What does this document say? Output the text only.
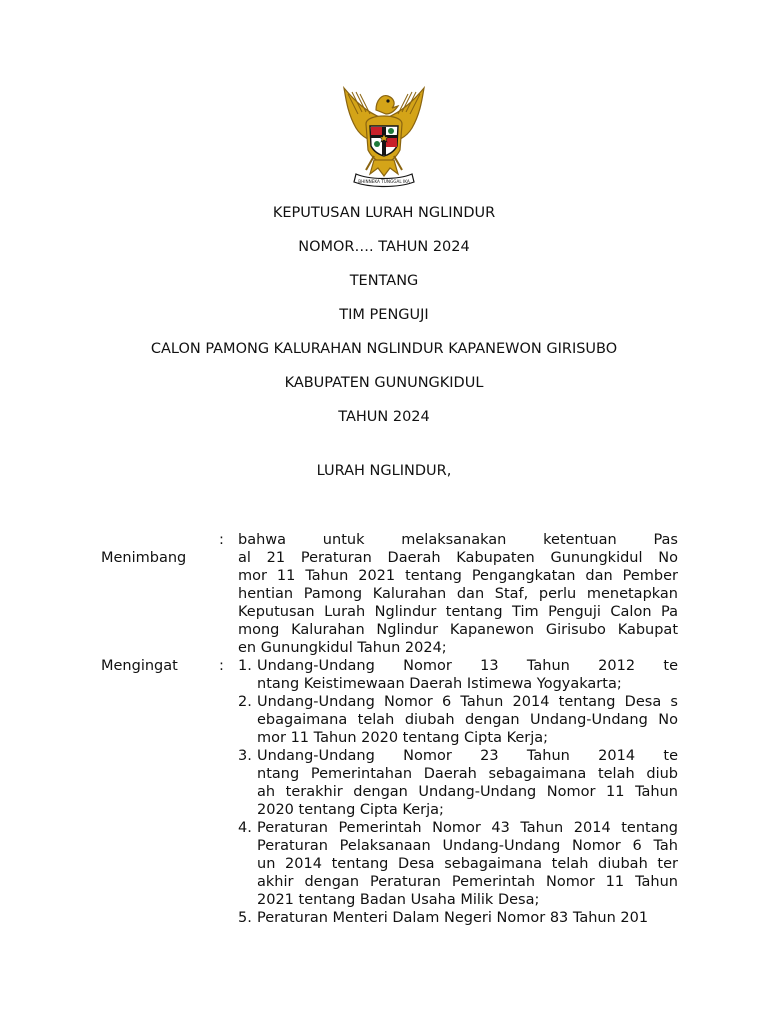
BHINNEKA TUNGGAL IKA
KEPUTUSAN LURAH NGLINDUR
NOMOR…. TAHUN 2024
TENTANG
TIM PENGUJI
CALON PAMONG KALURAHAN NGLINDUR KAPANEWON GIRISUBO
KABUPATEN GUNUNGKIDUL
TAHUN 2024
LURAH NGLINDUR,
Menimbang
: bahwa untuk melaksanakan ketentuan Pas
al 21 Peraturan Daerah Kabupaten Gunungkidul No
mor 11 Tahun 2021 tentang Pengangkatan dan Pember
hentian Pamong Kalurahan dan Staf, perlu menetapkan
Keputusan Lurah Nglindur tentang Tim Penguji Calon Pa
mong Kalurahan Nglindur Kapanewon Girisubo Kabupat
en Gunungkidul Tahun 2024;
Mengingat	: 1. Undang-Undang Nomor 13 Tahun 2012 te
ntang Keistimewaan Daerah Istimewa Yogyakarta;
2. Undang-Undang Nomor 6 Tahun 2014 tentang Desa s
ebagaimana telah diubah dengan Undang-Undang No
mor 11 Tahun 2020 tentang Cipta Kerja;
3. Undang-Undang Nomor 23 Tahun 2014 te
ntang Pemerintahan Daerah sebagaimana telah diub
ah terakhir dengan Undang-Undang Nomor 11 Tahun
2020 tentang Cipta Kerja;
4. Peraturan Pemerintah Nomor 43 Tahun 2014 tentang
Peraturan Pelaksanaan Undang-Undang Nomor 6 Tah
un 2014 tentang Desa sebagaimana telah diubah ter
akhir dengan Peraturan Pemerintah Nomor 11 Tahun
2021 tentang Badan Usaha Milik Desa;
5. Peraturan Menteri Dalam Negeri Nomor 83 Tahun 201
